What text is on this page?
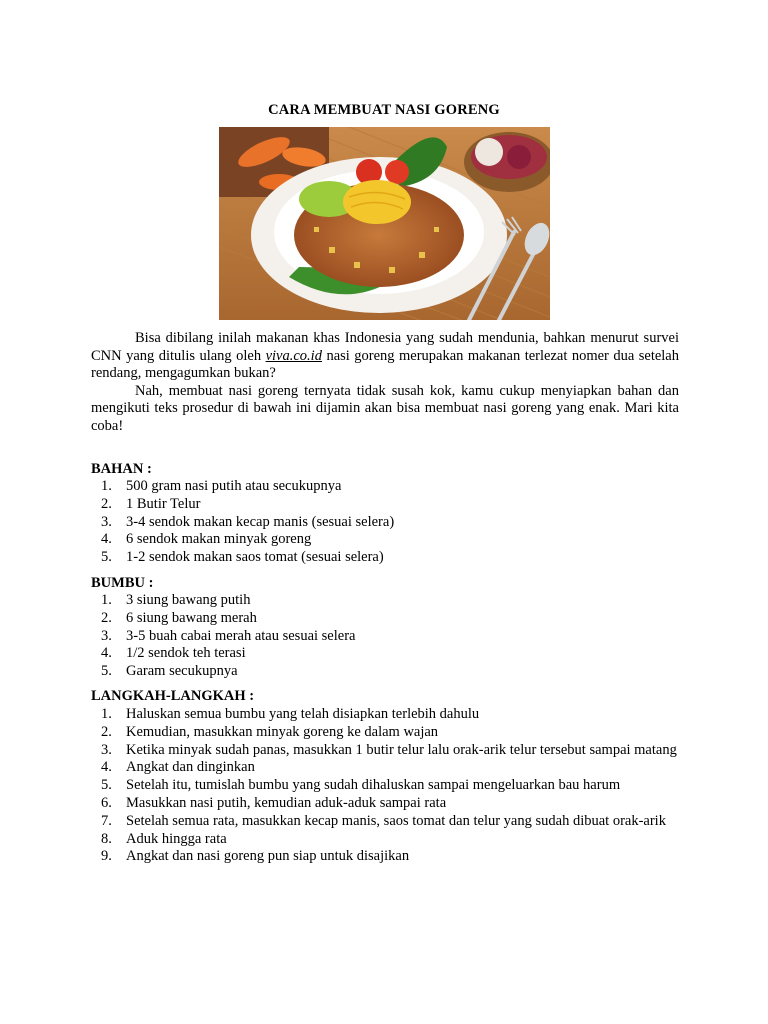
CARA MEMBUAT NASI GORENG

Bisa dibilang inilah makanan khas Indonesia yang sudah mendunia, bahkan menurut survei CNN yang ditulis ulang oleh viva.co.id nasi goreng merupakan makanan terlezat nomer dua setelah rendang, mengagumkan bukan?

Nah, membuat nasi goreng ternyata tidak susah kok, kamu cukup menyiapkan bahan dan mengikuti teks prosedur di bawah ini dijamin akan bisa membuat nasi goreng yang enak. Mari kita coba!

BAHAN :
1. 500 gram nasi putih atau secukupnya
2. 1 Butir Telur
3. 3-4 sendok makan kecap manis (sesuai selera)
4. 6 sendok makan minyak goreng
5. 1-2 sendok makan saos tomat (sesuai selera)
BUMBU :
1. 3 siung bawang putih
2. 6 siung bawang merah
3. 3-5 buah cabai merah atau sesuai selera
4. 1/2 sendok teh terasi
5. Garam secukupnya
LANGKAH-LANGKAH :
1. Haluskan semua bumbu yang telah disiapkan terlebih dahulu
2. Kemudian, masukkan minyak goreng ke dalam wajan
3. Ketika minyak sudah panas, masukkan 1 butir telur lalu orak-arik telur tersebut sampai matang
4. Angkat dan dinginkan
5. Setelah itu, tumislah bumbu yang sudah dihaluskan sampai mengeluarkan bau harum
6. Masukkan nasi putih, kemudian aduk-aduk sampai rata
7. Setelah semua rata, masukkan kecap manis, saos tomat dan telur yang sudah dibuat orak-arik
8. Aduk hingga rata
9. Angkat dan nasi goreng pun siap untuk disajikan
